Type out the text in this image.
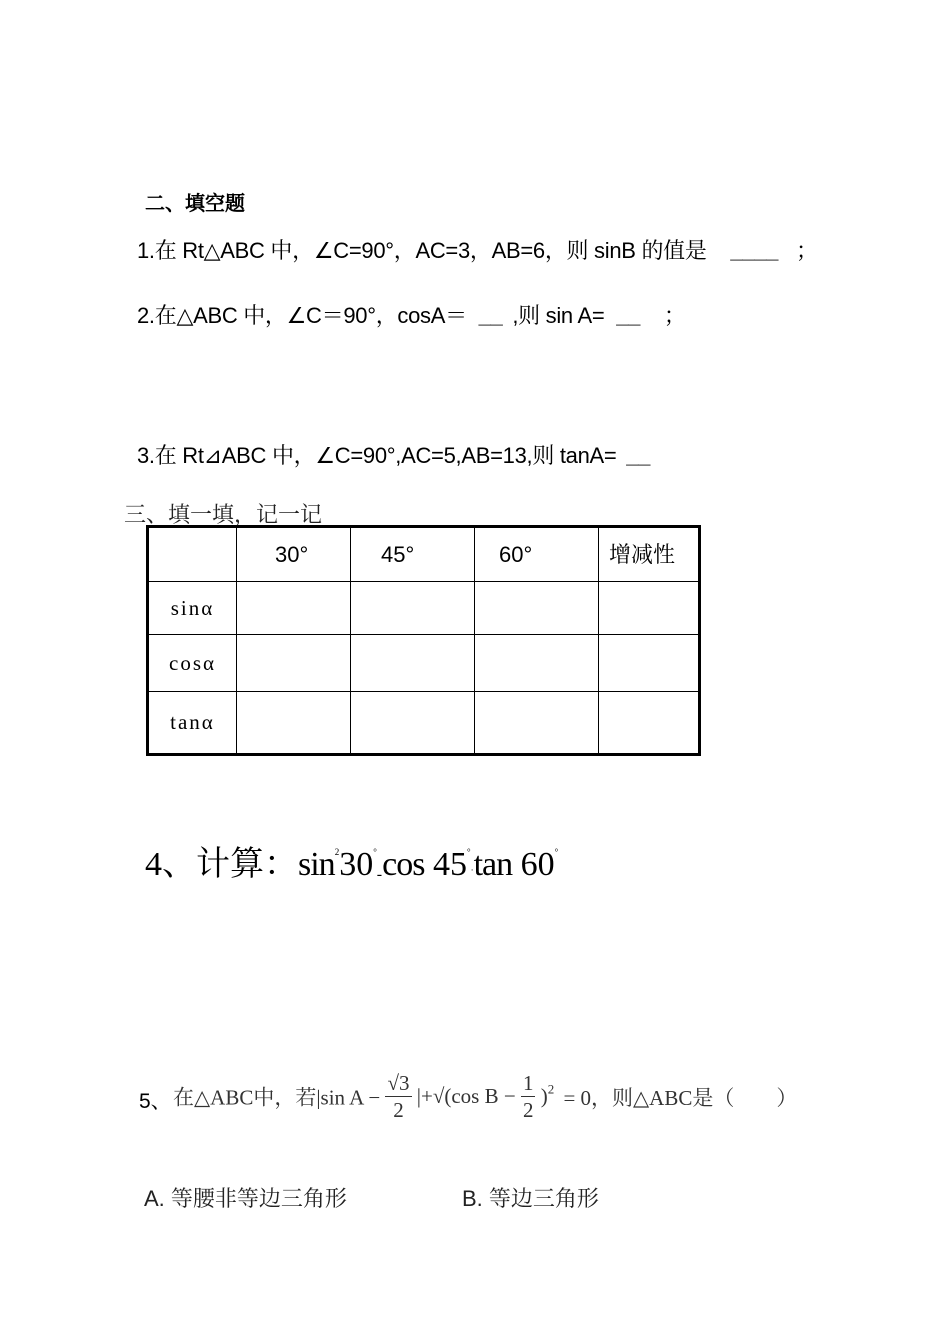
二、填空题
1.在 Rt△ABC 中，∠C=90°，AC=3，AB=6，则 sinB 的值是 ____ ；
2.在△ABC 中，∠C＝90°，cosA＝ __ ,则 sin A= __ ；
3.在 Rt⊿ABC 中，∠C=90°,AC=5,AB=13,则 tanA= __
三、填一填，记一记
	30°	45°	60°	增减性
sinα				
cosα				
tanα				
4、计算：$\sin^230^\circ-\cos$ 45°·tan 60°
5、 在△ABC中，若|sin $A - \frac{√3}{2} |+√(\cos$ $B - \frac{1}{2} )^2 = 0$，则△ABC是（　　）
A. 等腰非等边三角形	B. 等边三角形
